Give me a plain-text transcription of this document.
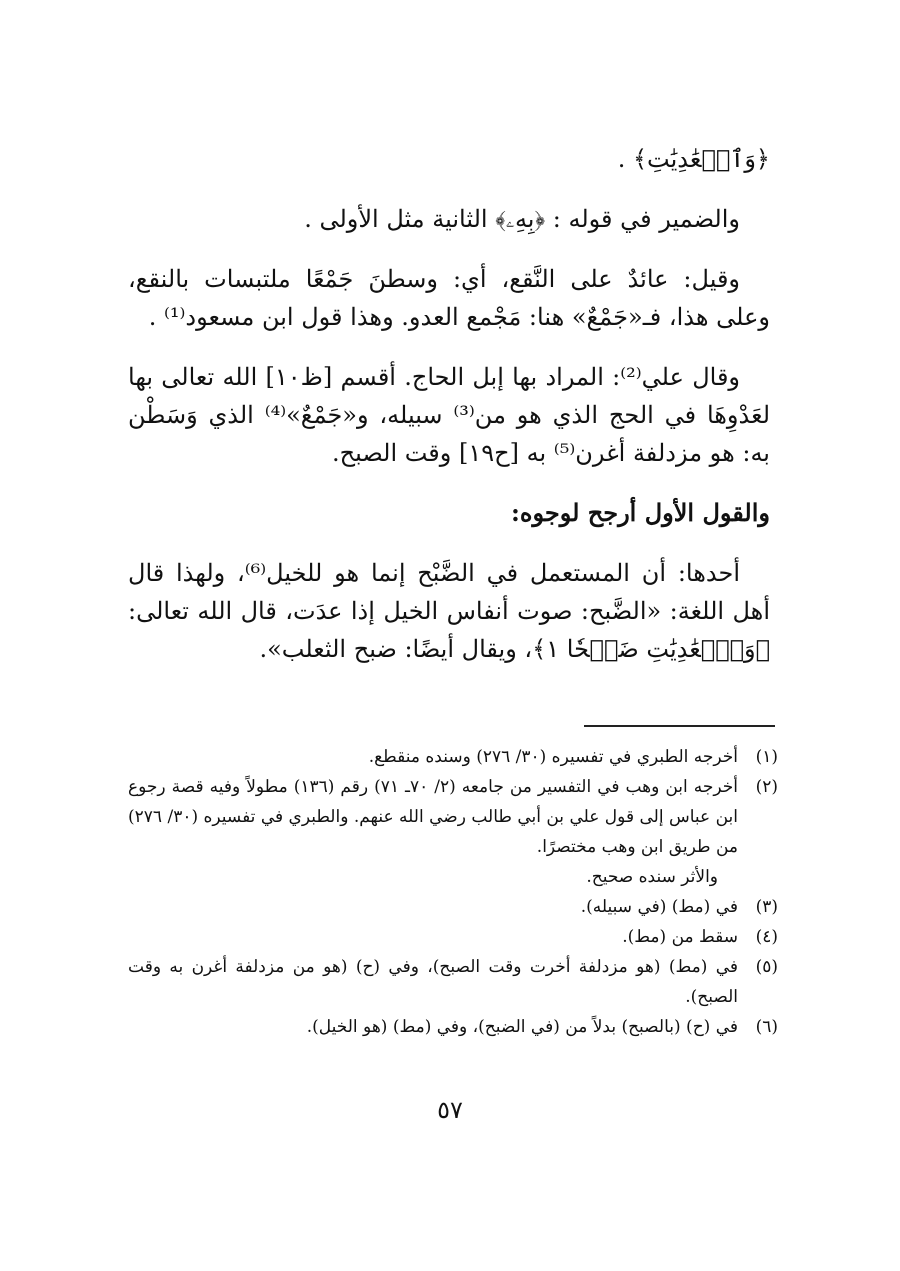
﴿وَٱلۡعَٰدِيَٰتِ﴾ .

والضمير في قوله : ﴿بِهِۦ﴾ الثانية مثل الأولى .

وقيل: عائدٌ على النَّقع، أي: وسطنَ جَمْعًا ملتبسات بالنقع، وعلى هذا، فـ«جَمْعٌ» هنا: مَجْمع العدو. وهذا قول ابن مسعود⁽¹⁾ .

وقال علي⁽²⁾: المراد بها إبل الحاج. أقسم [ظ١٠] الله تعالى بها لعَدْوِهَا في الحج الذي هو من⁽³⁾ سبيله، و«جَمْعٌ»⁽⁴⁾ الذي وَسَطْن به: هو مزدلفة أغرن⁽⁵⁾ به [ح١٩] وقت الصبح.

والقول الأول أرجح لوجوه:

أحدها: أن المستعمل في الضَّبْح إنما هو للخيل⁽⁶⁾، ولهذا قال أهل اللغة: «الضَّبح: صوت أنفاس الخيل إذا عدَت، قال الله تعالى: ﴿وَٱلۡعَٰدِيَٰتِ ضَبۡحٗا ١﴾، ويقال أيضًا: ضبح الثعلب».

(١)
أخرجه الطبري في تفسيره (٣٠/ ٢٧٦) وسنده منقطع.
(٢)
أخرجه ابن وهب في التفسير من جامعه (٢/ ٧٠ـ ٧١) رقم (١٣٦) مطولاً وفيه قصة رجوع ابن عباس إلى قول علي بن أبي طالب رضي الله عنهم. والطبري في تفسيره (٣٠/ ٢٧٦) من طريق ابن وهب مختصرًا.
والأثر سنده صحيح.
(٣)
في (مط) (في سبيله).
(٤)
سقط من (مط).
(٥)
في (مط) (هو مزدلفة أخرت وقت الصبح)، وفي (ح) (هو من مزدلفة أغرن به وقت الصبح).
(٦)
في (ح) (بالصبح) بدلاً من (في الضبح)، وفي (مط) (هو الخيل).
٥٧
